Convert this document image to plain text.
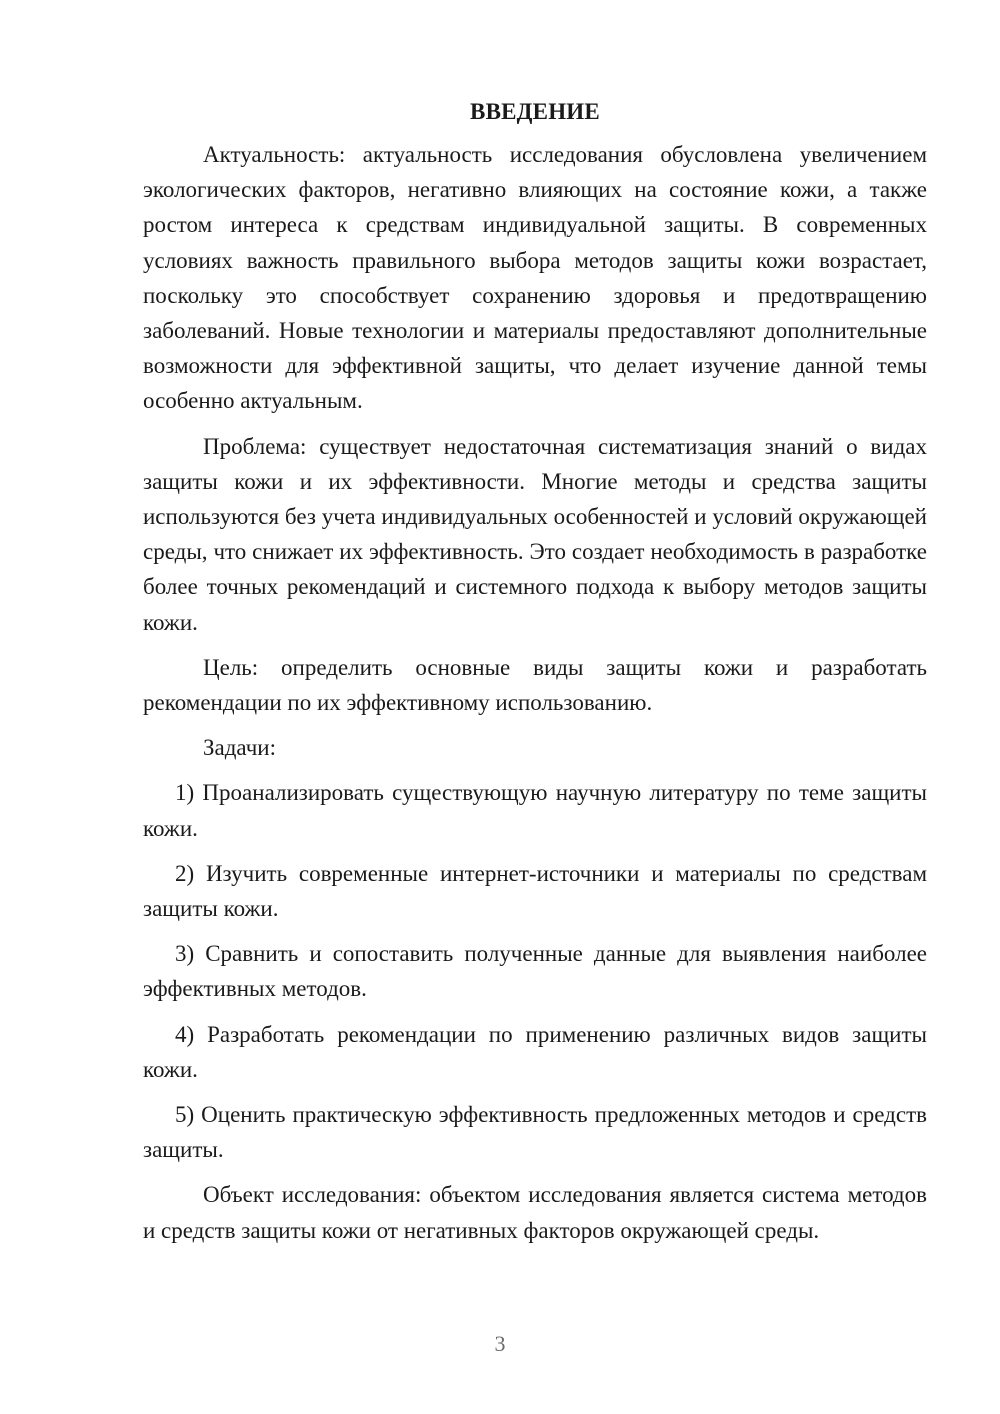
ВВЕДЕНИЕ

Актуальность: актуальность исследования обусловлена увеличением экологических факторов, негативно влияющих на состояние кожи, а также ростом интереса к средствам индивидуальной защиты. В современных условиях важность правильного выбора методов защиты кожи возрастает, поскольку это способствует сохранению здоровья и предотвращению заболеваний. Новые технологии и материалы предоставляют дополнительные возможности для эффективной защиты, что делает изучение данной темы особенно актуальным.

Проблема: существует недостаточная систематизация знаний о видах защиты кожи и их эффективности. Многие методы и средства защиты используются без учета индивидуальных особенностей и условий окружающей среды, что снижает их эффективность. Это создает необходимость в разработке более точных рекомендаций и системного подхода к выбору методов защиты кожи.

Цель: определить основные виды защиты кожи и разработать рекомендации по их эффективному использованию.

Задачи:

1) Проанализировать существующую научную литературу по теме защиты кожи.

2) Изучить современные интернет-источники и материалы по средствам защиты кожи.

3) Сравнить и сопоставить полученные данные для выявления наиболее эффективных методов.

4) Разработать рекомендации по применению различных видов защиты кожи.

5) Оценить практическую эффективность предложенных методов и средств защиты.

Объект исследования: объектом исследования является система методов и средств защиты кожи от негативных факторов окружающей среды.

3
